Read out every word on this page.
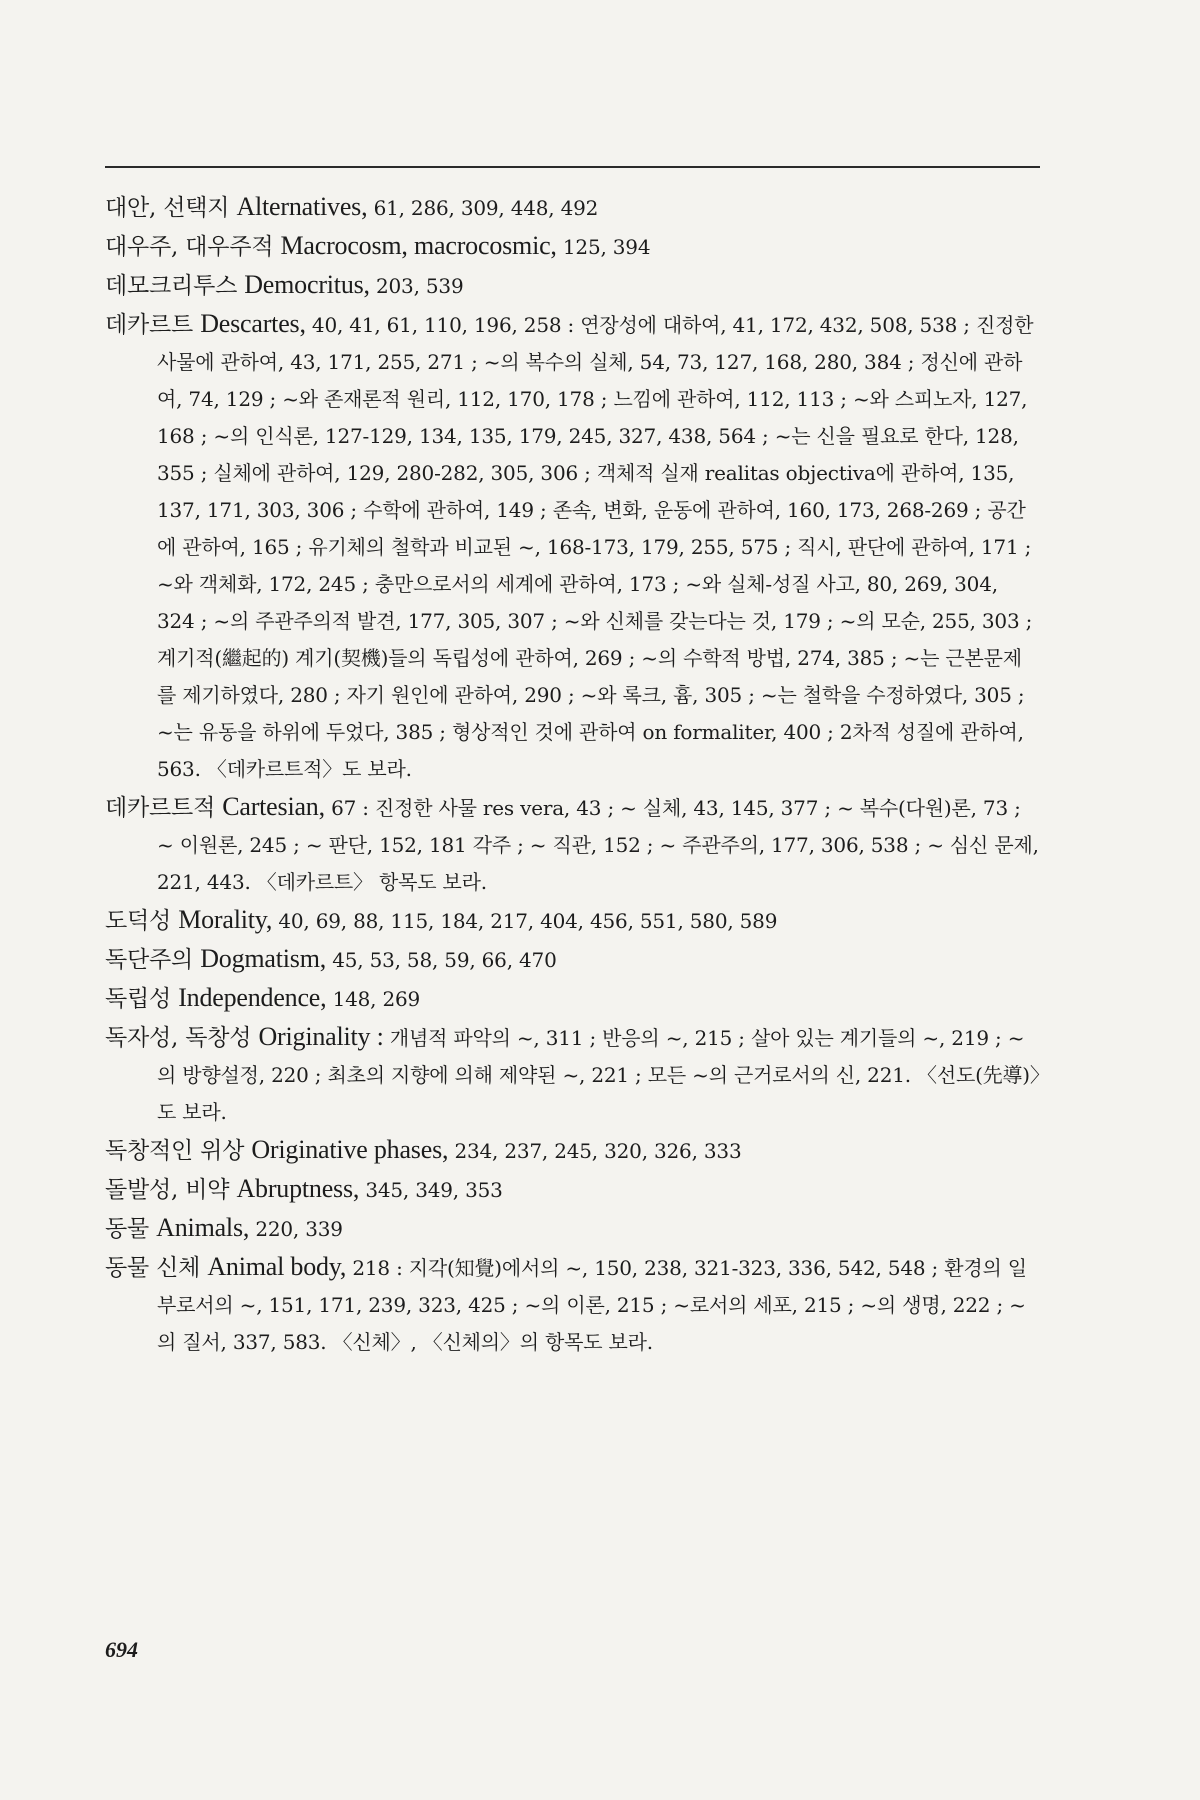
대안, 선택지 Alternatives, 61, 286, 309, 448, 492
대우주, 대우주적 Macrocosm, macrocosmic, 125, 394
데모크리투스 Democritus, 203, 539
데카르트 Descartes, 40, 41, 61, 110, 196, 258 : 연장성에 대하여, 41, 172, 432, 508, 538 ; 진정한 사물에 관하여, 43, 171, 255, 271 ; ~의 복수의 실체, 54, 73, 127, 168, 280, 384 ; 정신에 관하여, 74, 129 ; ~와 존재론적 원리, 112, 170, 178 ; 느낌에 관하여, 112, 113 ; ~와 스피노자, 127, 168 ; ~의 인식론, 127-129, 134, 135, 179, 245, 327, 438, 564 ; ~는 신을 필요로 한다, 128, 355 ; 실체에 관하여, 129, 280-282, 305, 306 ; 객체적 실재 realitas objectiva에 관하여, 135, 137, 171, 303, 306 ; 수학에 관하여, 149 ; 존속, 변화, 운동에 관하여, 160, 173, 268-269 ; 공간에 관하여, 165 ; 유기체의 철학과 비교된 ~, 168-173, 179, 255, 575 ; 직시, 판단에 관하여, 171 ; ~와 객체화, 172, 245 ; 충만으로서의 세계에 관하여, 173 ; ~와 실체-성질 사고, 80, 269, 304, 324 ; ~의 주관주의적 발견, 177, 305, 307 ; ~와 신체를 갖는다는 것, 179 ; ~의 모순, 255, 303 ; 계기적(繼起的) 계기(契機)들의 독립성에 관하여, 269 ; ~의 수학적 방법, 274, 385 ; ~는 근본문제를 제기하였다, 280 ; 자기 원인에 관하여, 290 ; ~와 록크, 흄, 305 ; ~는 철학을 수정하였다, 305 ; ~는 유동을 하위에 두었다, 385 ; 형상적인 것에 관하여 on formaliter, 400 ; 2차적 성질에 관하여, 563. 〈데카르트적〉도 보라.
데카르트적 Cartesian, 67 : 진정한 사물 res vera, 43 ; ~ 실체, 43, 145, 377 ; ~ 복수(다원)론, 73 ; ~ 이원론, 245 ; ~ 판단, 152, 181 각주 ; ~ 직관, 152 ; ~ 주관주의, 177, 306, 538 ; ~ 심신 문제, 221, 443. 〈데카르트〉 항목도 보라.
도덕성 Morality, 40, 69, 88, 115, 184, 217, 404, 456, 551, 580, 589
독단주의 Dogmatism, 45, 53, 58, 59, 66, 470
독립성 Independence, 148, 269
독자성, 독창성 Originality : 개념적 파악의 ~, 311 ; 반응의 ~, 215 ; 살아 있는 계기들의 ~, 219 ; ~의 방향설정, 220 ; 최초의 지향에 의해 제약된 ~, 221 ; 모든 ~의 근거로서의 신, 221. 〈선도(先導)〉도 보라.
독창적인 위상 Originative phases, 234, 237, 245, 320, 326, 333
돌발성, 비약 Abruptness, 345, 349, 353
동물 Animals, 220, 339
동물 신체 Animal body, 218 : 지각(知覺)에서의 ~, 150, 238, 321-323, 336, 542, 548 ; 환경의 일부로서의 ~, 151, 171, 239, 323, 425 ; ~의 이론, 215 ; ~로서의 세포, 215 ; ~의 생명, 222 ; ~의 질서, 337, 583. 〈신체〉, 〈신체의〉의 항목도 보라.
694
